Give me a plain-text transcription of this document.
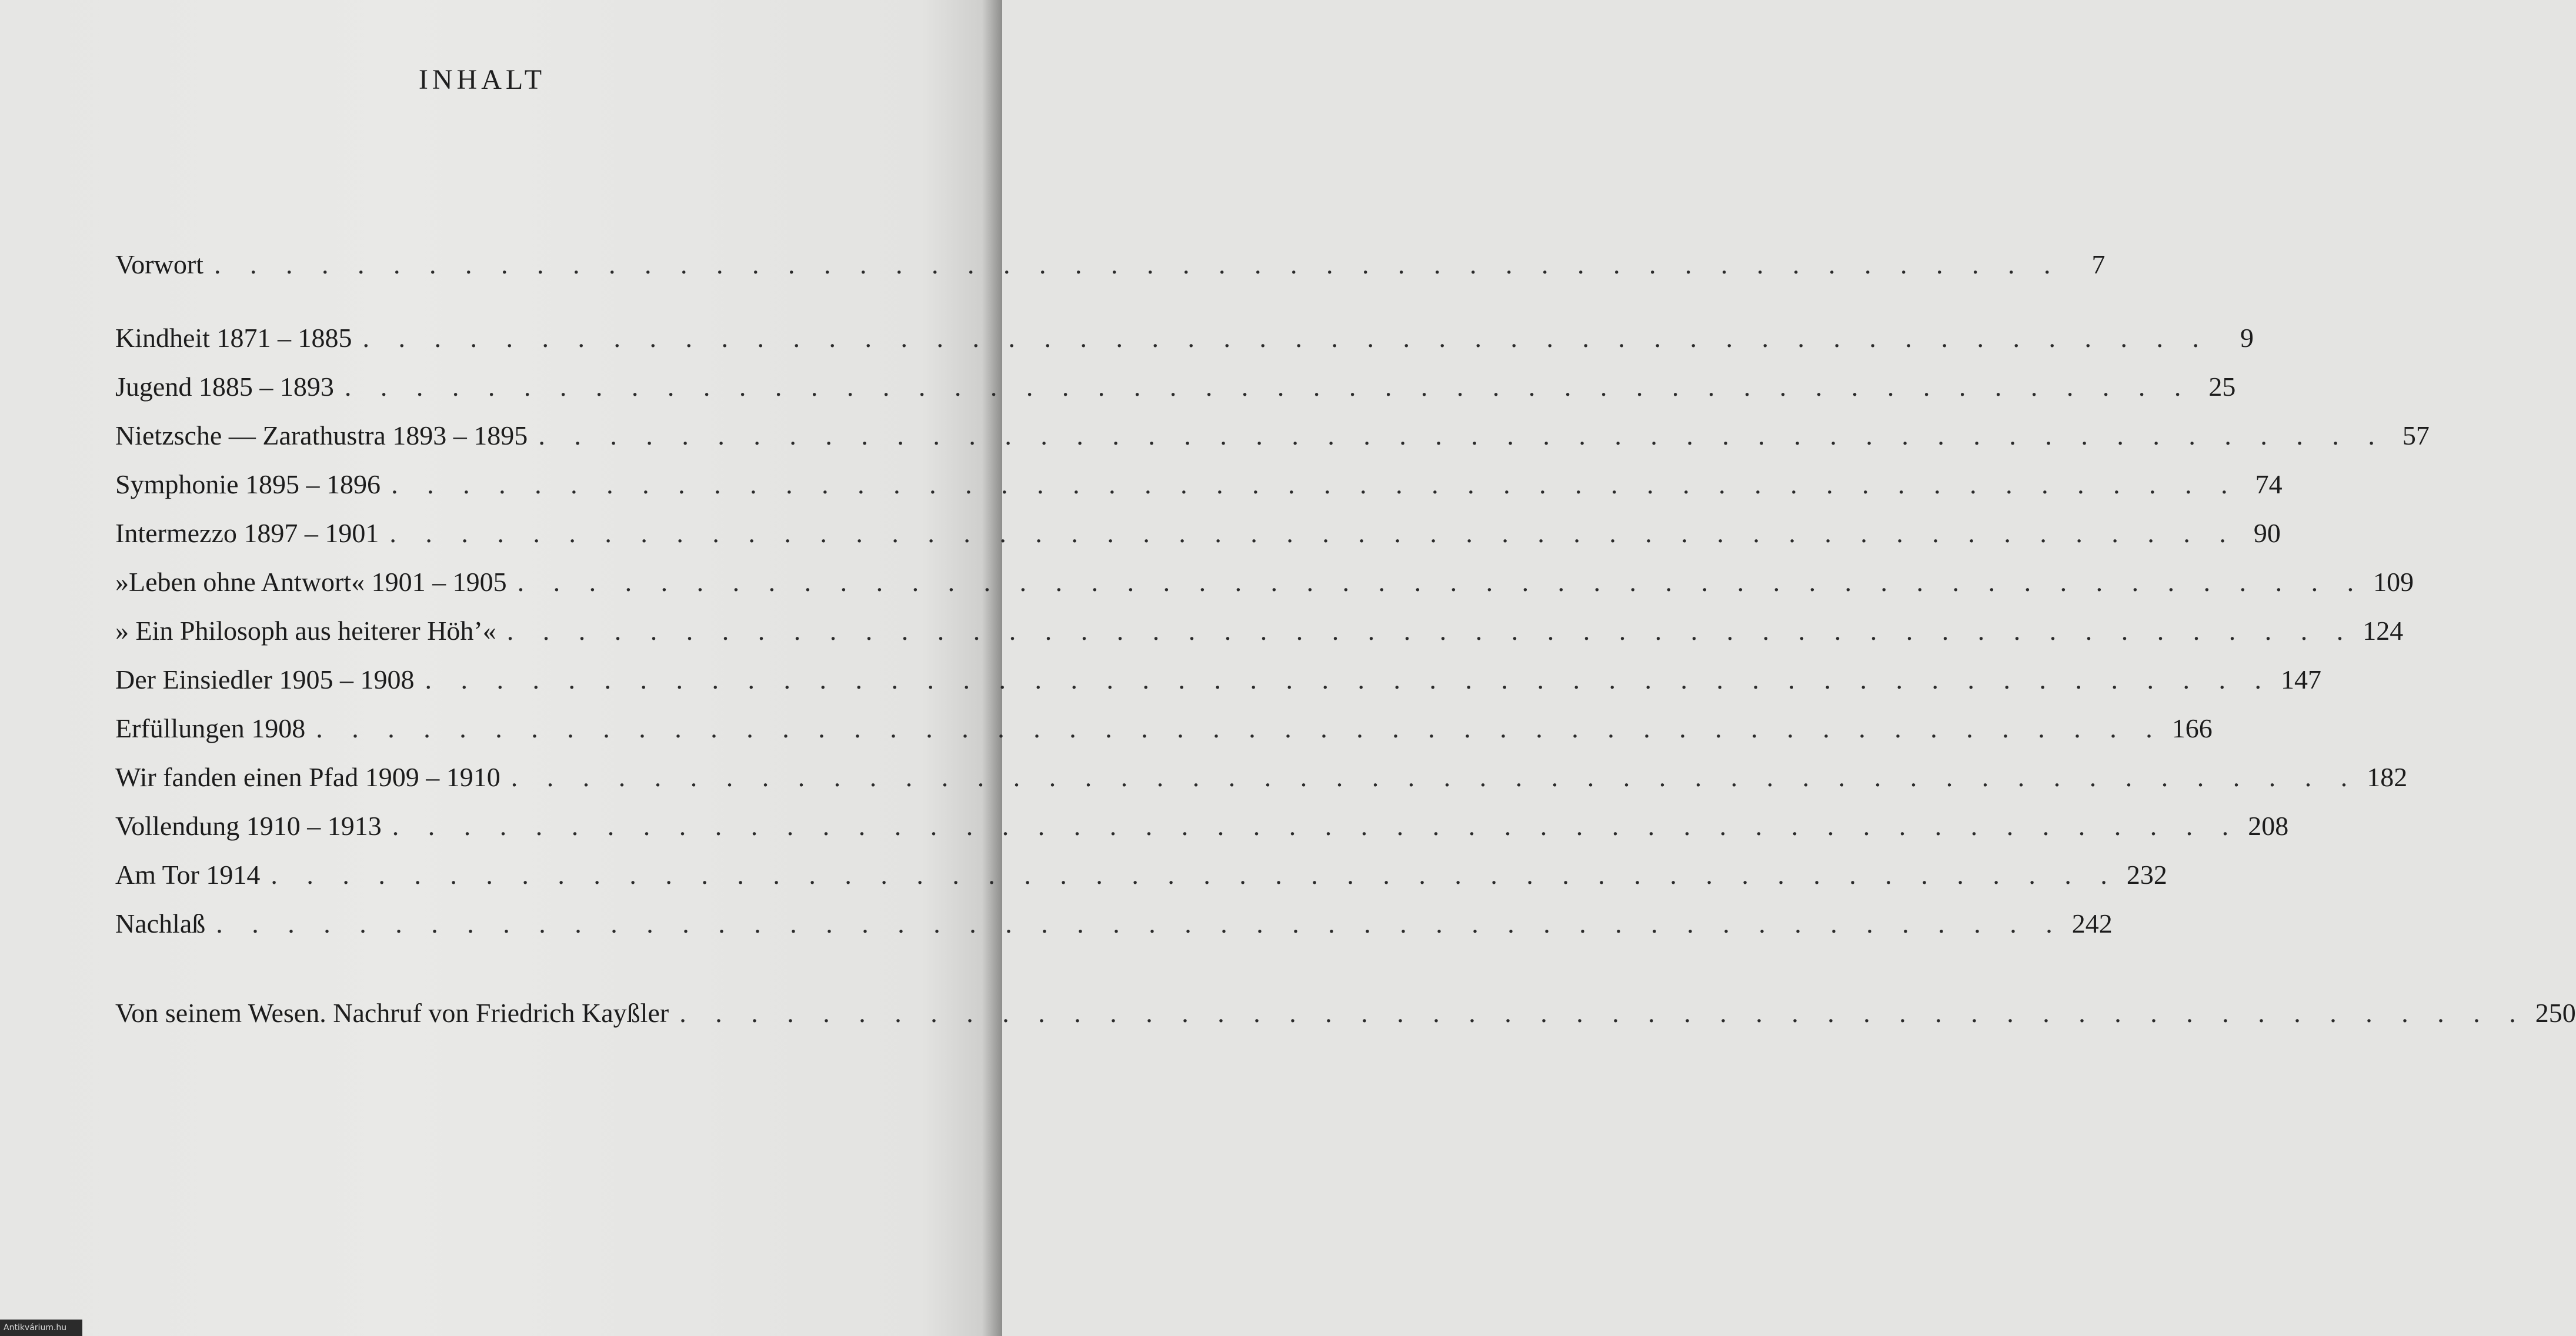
INHALT
Vorwort . . . . . . . . . . . . . . . . . . . . . . . . . . . . . . . . . . . . . . . . . . . . . . . . . . . .	7
Kindheit 1871 – 1885 . . . . . . . . . . . . . . . . . . . . . . . . . . . . . . . . . . . . . . . . . . . . . . . . . . . .	9
Jugend 1885 – 1893 . . . . . . . . . . . . . . . . . . . . . . . . . . . . . . . . . . . . . . . . . . . . . . . . . . . . 25
Nietzsche — Zarathustra 1893 – 1895 . . . . . . . . . . . . . . . . . . . . . . . . . . . . . . . . . . . . . . . . . . . . . . . . . . . . 57
Symphonie 1895 – 1896 . . . . . . . . . . . . . . . . . . . . . . . . . . . . . . . . . . . . . . . . . . . . . . . . . . . . 74
Intermezzo 1897 – 1901 . . . . . . . . . . . . . . . . . . . . . . . . . . . . . . . . . . . . . . . . . . . . . . . . . . . . 90
»Leben ohne Antwort« 1901 – 1905 . . . . . . . . . . . . . . . . . . . . . . . . . . . . . . . . . . . . . . . . . . . . . . . . . . . . 109
» Ein Philosoph aus heiterer Höh’« . . . . . . . . . . . . . . . . . . . . . . . . . . . . . . . . . . . . . . . . . . . . . . . . . . . . 124
Der Einsiedler 1905 – 1908 . . . . . . . . . . . . . . . . . . . . . . . . . . . . . . . . . . . . . . . . . . . . . . . . . . . . 147
Erfüllungen 1908 . . . . . . . . . . . . . . . . . . . . . . . . . . . . . . . . . . . . . . . . . . . . . . . . . . . . 166
Wir fanden einen Pfad 1909 – 1910 . . . . . . . . . . . . . . . . . . . . . . . . . . . . . . . . . . . . . . . . . . . . . . . . . . . . 182
Vollendung 1910 – 1913 . . . . . . . . . . . . . . . . . . . . . . . . . . . . . . . . . . . . . . . . . . . . . . . . . . . . 208
Am Tor 1914 . . . . . . . . . . . . . . . . . . . . . . . . . . . . . . . . . . . . . . . . . . . . . . . . . . . . 232
Nachlaß . . . . . . . . . . . . . . . . . . . . . . . . . . . . . . . . . . . . . . . . . . . . . . . . . . . . 242
Von seinem Wesen. Nachruf von Friedrich Kayßler . . . . . . . . . . . . . . . . . . . . . . . . . . . . . . . . . . . . . . . . . . . . . . . . . . . . 250
Antikvárium.hu
